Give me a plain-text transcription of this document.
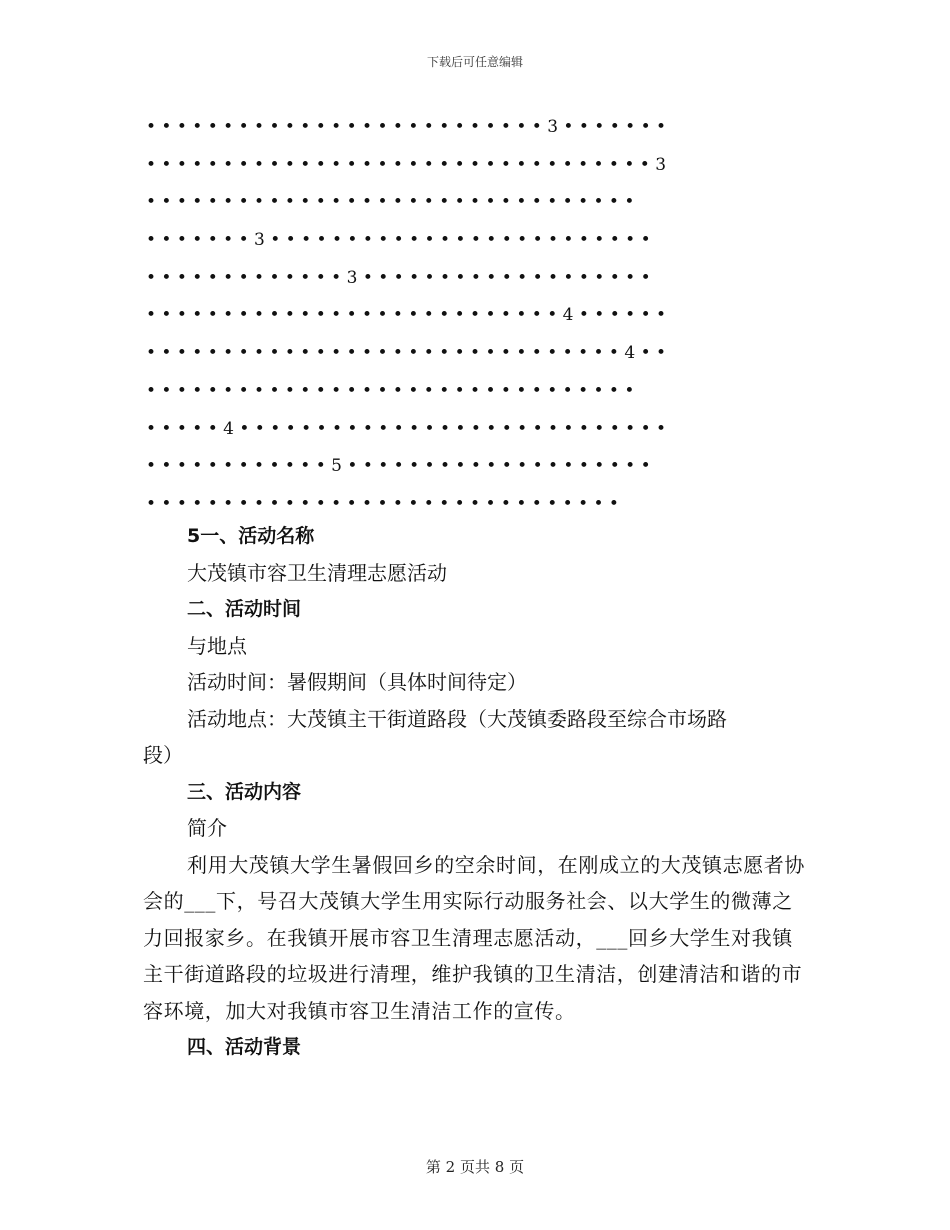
下载后可任意编辑
• • • • • • • • • • • • • • • • • • • • • • • • • • 3 • • • • • • •
• • • • • • • • • • • • • • • • • • • • • • • • • • • • • • • • • 3
• • • • • • • • • • • • • • • • • • • • • • • • • • • • • • • •
• • • • • • • 3 • • • • • • • • • • • • • • • • • • • • • • • • •
• • • • • • • • • • • • • 3 • • • • • • • • • • • • • • • • • • •
• • • • • • • • • • • • • • • • • • • • • • • • • • • 4 • • • • • •
• • • • • • • • • • • • • • • • • • • • • • • • • • • • • • • 4 • •
• • • • • • • • • • • • • • • • • • • • • • • • • • • • • • • •
• • • • • 4 • • • • • • • • • • • • • • • • • • • • • • • • • • • •
• • • • • • • • • • • • 5 • • • • • • • • • • • • • • • • • • • •
• • • • • • • • • • • • • • • • • • • • • • • • • • • • • • •
5一、活动名称
大茂镇市容卫生清理志愿活动
二、活动时间
与地点
活动时间：暑假期间（具体时间待定）
活动地点：大茂镇主干街道路段（大茂镇委路段至综合市场路
段）
三、活动内容
简介
利用大茂镇大学生暑假回乡的空余时间，在刚成立的大茂镇志愿者协会的___下，号召大茂镇大学生用实际行动服务社会、以大学生的微薄之力回报家乡。在我镇开展市容卫生清理志愿活动，___回乡大学生对我镇主干街道路段的垃圾进行清理，维护我镇的卫生清洁，创建清洁和谐的市容环境，加大对我镇市容卫生清洁工作的宣传。
四、活动背景
第 2 页共 8 页
